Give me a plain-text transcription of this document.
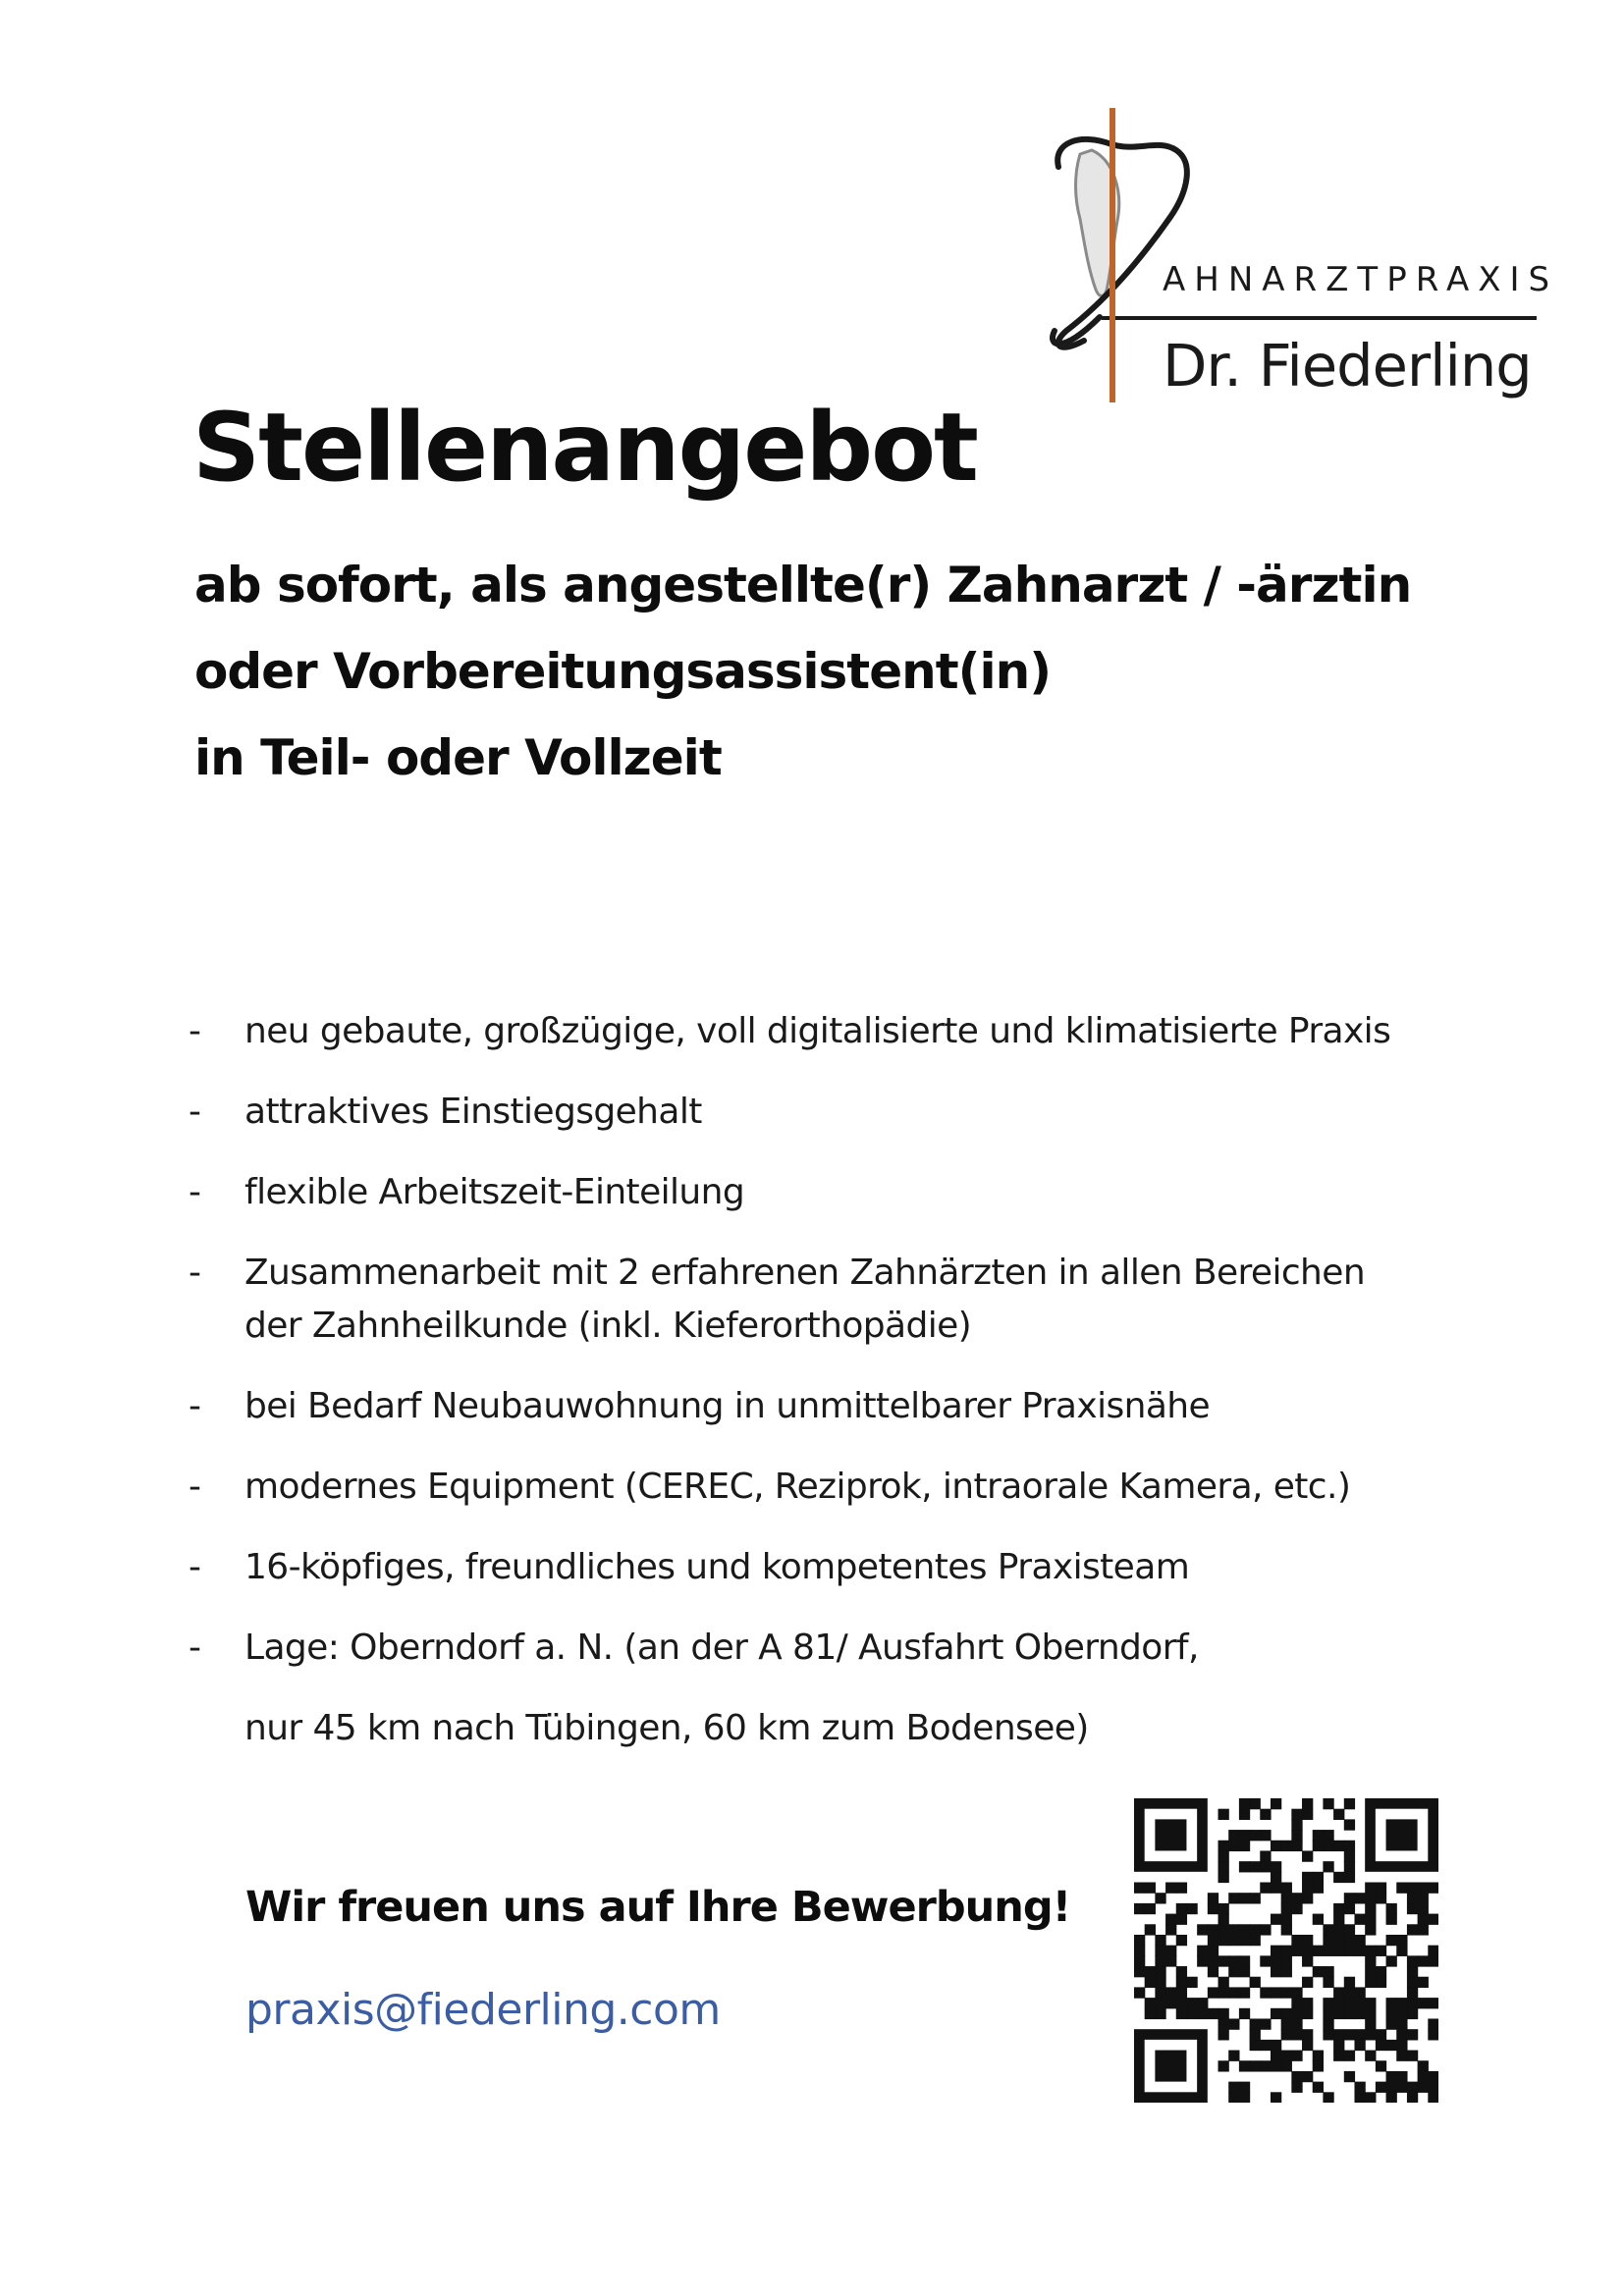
AHNARZTPRAXIS
Dr. Fiederling
Stellenangebot
ab sofort, als angestellte(r) Zahnarzt / -ärztin
oder Vorbereitungsassistent(in)
in Teil- oder Vollzeit
- neu gebaute, großzügige, voll digitalisierte und klimatisierte Praxis
- attraktives Einstiegsgehalt
- flexible Arbeitszeit-Einteilung
- Zusammenarbeit mit 2 erfahrenen Zahnärzten in allen Bereichen
der Zahnheilkunde (inkl. Kieferorthopädie)
- bei Bedarf Neubauwohnung in unmittelbarer Praxisnähe
- modernes Equipment (CEREC, Reziprok, intraorale Kamera, etc.)
- 16-köpfiges, freundliches und kompetentes Praxisteam
- Lage: Oberndorf a. N. (an der A 81/ Ausfahrt Oberndorf,
nur 45 km nach Tübingen, 60 km zum Bodensee)
Wir freuen uns auf Ihre Bewerbung!
praxis@fiederling.com
